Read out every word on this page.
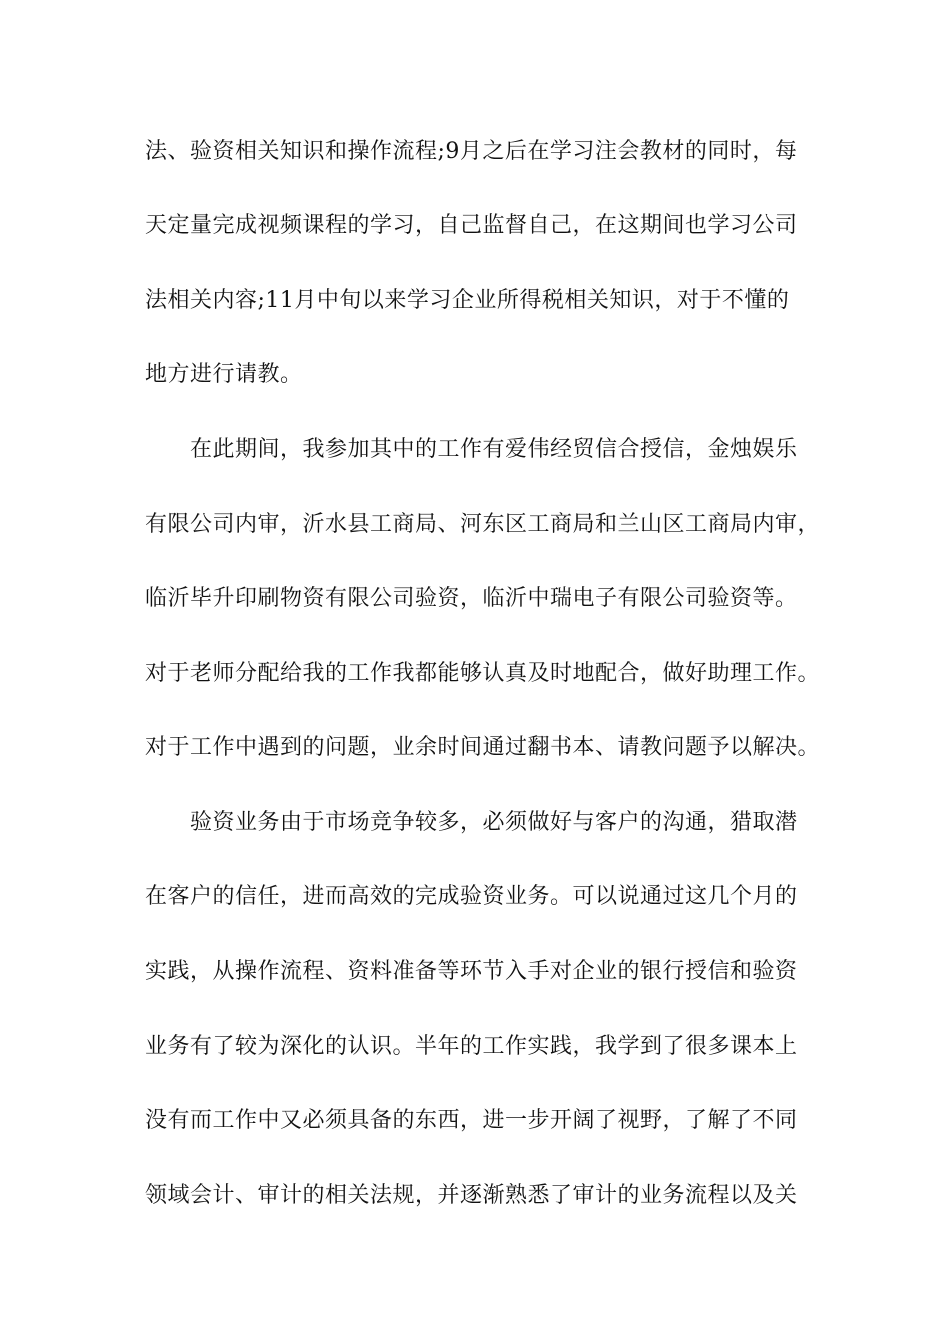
法、验资相关知识和操作流程;9月之后在学习注会教材的同时，每
天定量完成视频课程的学习，自己监督自己，在这期间也学习公司
法相关内容;11月中旬以来学习企业所得税相关知识，对于不懂的
地方进行请教。
在此期间，我参加其中的工作有爱伟经贸信合授信，金烛娱乐
有限公司内审，沂水县工商局、河东区工商局和兰山区工商局内审，
临沂毕升印刷物资有限公司验资，临沂中瑞电子有限公司验资等。
对于老师分配给我的工作我都能够认真及时地配合，做好助理工作。
对于工作中遇到的问题，业余时间通过翻书本、请教问题予以解决。
验资业务由于市场竞争较多，必须做好与客户的沟通，猎取潜
在客户的信任，进而高效的完成验资业务。可以说通过这几个月的
实践，从操作流程、资料准备等环节入手对企业的银行授信和验资
业务有了较为深化的认识。半年的工作实践，我学到了很多课本上
没有而工作中又必须具备的东西，进一步开阔了视野，了解了不同
领域会计、审计的相关法规，并逐渐熟悉了审计的业务流程以及关
